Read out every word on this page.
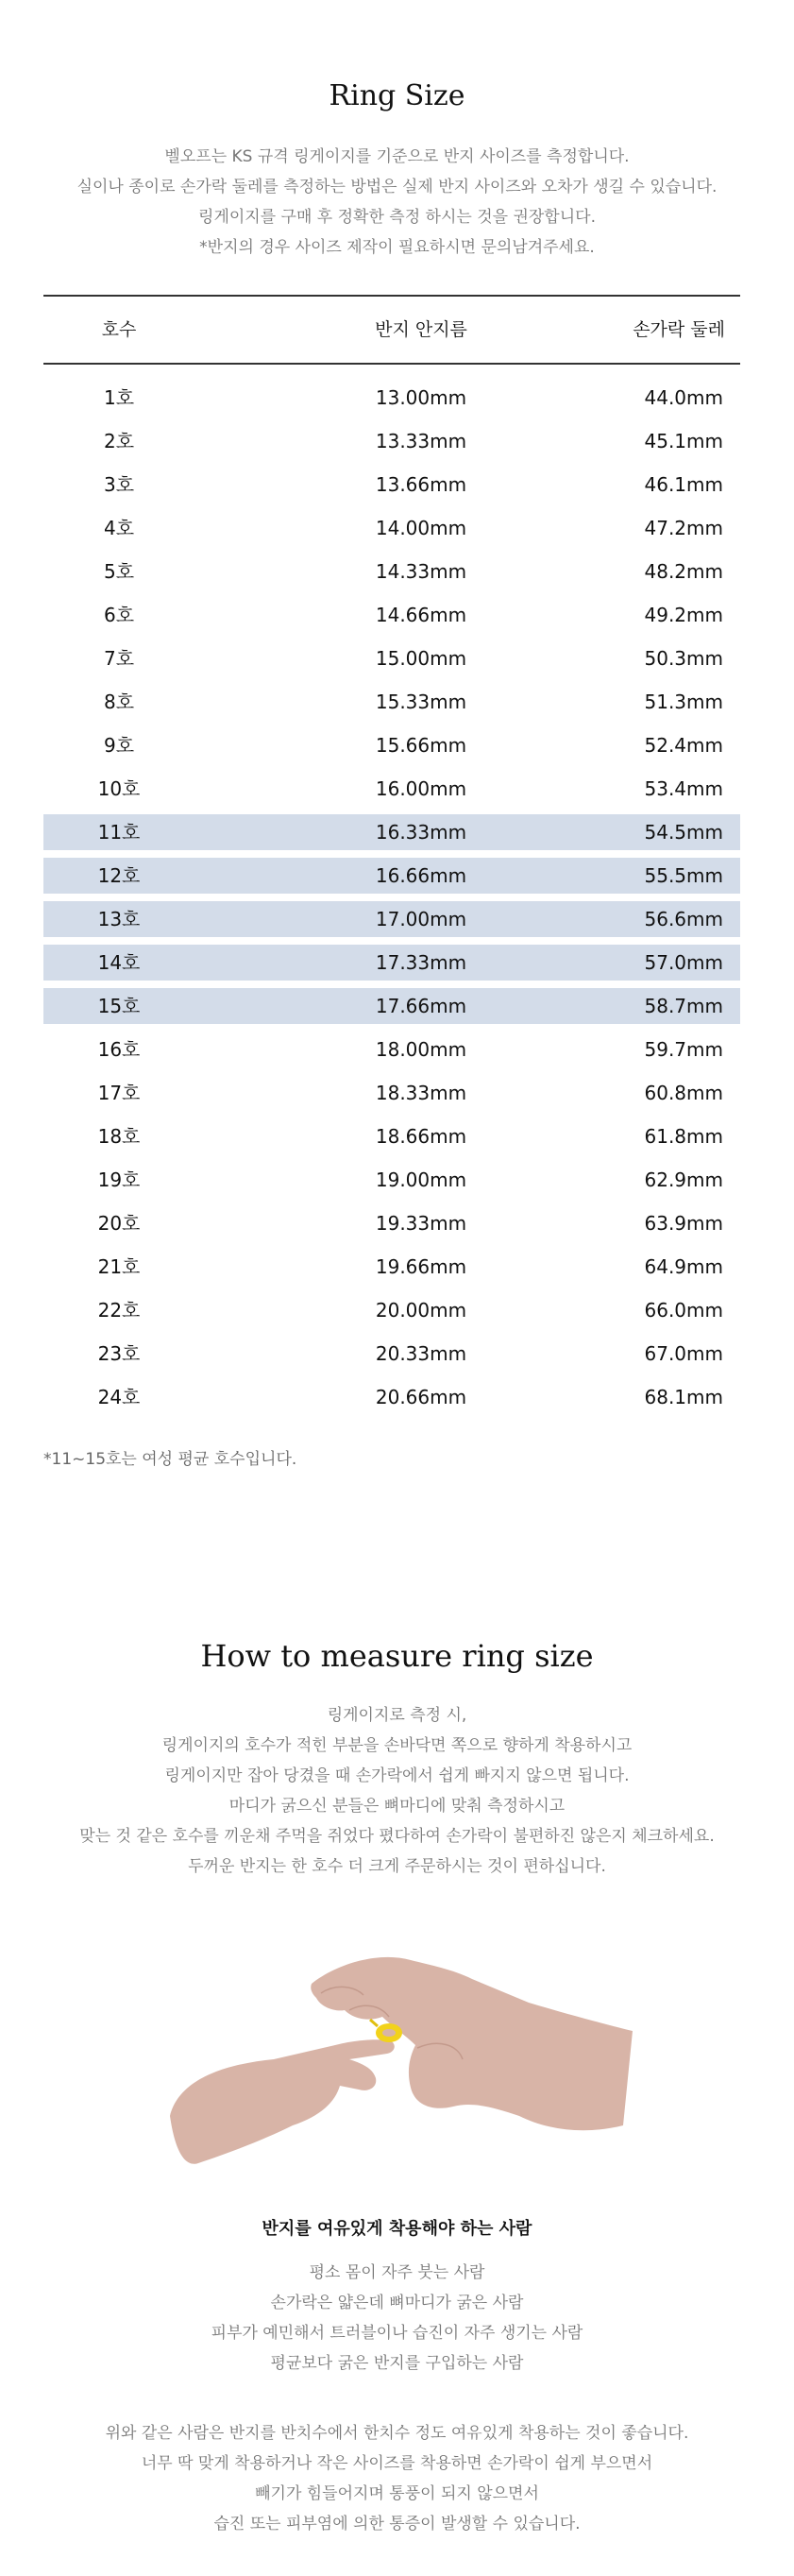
Ring Size
벨오프는 KS 규격 링게이지를 기준으로 반지 사이즈를 측정합니다.
실이나 종이로 손가락 둘레를 측정하는 방법은 실제 반지 사이즈와 오차가 생길 수 있습니다.
링게이지를 구매 후 정확한 측정 하시는 것을 권장합니다.
*반지의 경우 사이즈 제작이 필요하시면 문의남겨주세요.
호수	반지 안지름	손가락 둘레
1호	13.00mm	44.0mm
2호	13.33mm	45.1mm
3호	13.66mm	46.1mm
4호	14.00mm	47.2mm
5호	14.33mm	48.2mm
6호	14.66mm	49.2mm
7호	15.00mm	50.3mm
8호	15.33mm	51.3mm
9호	15.66mm	52.4mm
10호	16.00mm	53.4mm
11호	16.33mm	54.5mm
12호	16.66mm	55.5mm
13호	17.00mm	56.6mm
14호	17.33mm	57.0mm
15호	17.66mm	58.7mm
16호	18.00mm	59.7mm
17호	18.33mm	60.8mm
18호	18.66mm	61.8mm
19호	19.00mm	62.9mm
20호	19.33mm	63.9mm
21호	19.66mm	64.9mm
22호	20.00mm	66.0mm
23호	20.33mm	67.0mm
24호	20.66mm	68.1mm
*11~15호는 여성 평균 호수입니다.
How to measure ring size
링게이지로 측정 시,
링게이지의 호수가 적힌 부분을 손바닥면 쪽으로 향하게 착용하시고
링게이지만 잡아 당겼을 때 손가락에서 쉽게 빠지지 않으면 됩니다.
마디가 굵으신 분들은 뼈마디에 맞춰 측정하시고
맞는 것 같은 호수를 끼운채 주먹을 쥐었다 폈다하여 손가락이 불편하진 않은지 체크하세요.
두꺼운 반지는 한 호수 더 크게 주문하시는 것이 편하십니다.
반지를 여유있게 착용해야 하는 사람
평소 몸이 자주 붓는 사람
손가락은 얇은데 뼈마디가 굵은 사람
피부가 예민해서 트러블이나 습진이 자주 생기는 사람
평균보다 굵은 반지를 구입하는 사람
위와 같은 사람은 반지를 반치수에서 한치수 정도 여유있게 착용하는 것이 좋습니다.
너무 딱 맞게 착용하거나 작은 사이즈를 착용하면 손가락이 쉽게 부으면서
빼기가 힘들어지며 통풍이 되지 않으면서
습진 또는 피부염에 의한 통증이 발생할 수 있습니다.
